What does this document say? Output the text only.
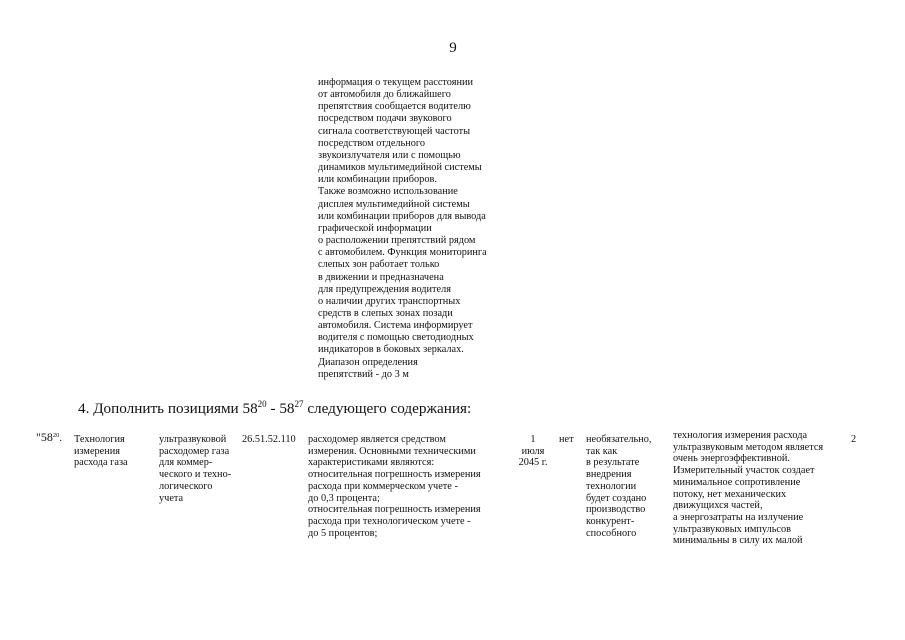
9
информация о текущем расстоянии
от автомобиля до ближайшего
препятствия сообщается водителю
посредством подачи звукового
сигнала соответствующей частоты
посредством отдельного
звукоизлучателя или с помощью
динамиков мультимедийной системы
или комбинации приборов.
Также возможно использование
дисплея мультимедийной системы
или комбинации приборов для вывода
графической информации
о расположении препятствий рядом
с автомобилем. Функция мониторинга
слепых зон работает только
в движении и предназначена
для предупреждения водителя
о наличии других транспортных
средств в слепых зонах позади
автомобиля. Система информирует
водителя с помощью светодиодных
индикаторов в боковых зеркалах.
Диапазон определения
препятствий - до 3 м
4. Дополнить позициями $58^{20} - 58^{27}$ следующего содержания:
"$58^{20}$. Технология
измерения
расхода газа
ультразвуковой
расходомер газа
для коммер-
ческого и техно-
логического
учета
26.51.52.110 расходомер является средством
измерения. Основными техническими
характеристиками являются:
относительная погрешность измерения
расхода при коммерческом учете -
до 0,3 процента;
относительная погрешность измерения
расхода при технологическом учете -
до 5 процентов;
1
июля
2045 г.
нет необязательно,
так как
в результате
внедрения
технологии
будет создано
производство
конкурент-
способного
технология измерения расхода
ультразвуковым методом является
очень энергоэффективной.
Измерительный участок создает
минимальное сопротивление
потоку, нет механических
движущихся частей,
а энергозатраты на излучение
ультразвуковых импульсов
минимальны в силу их малой
2
